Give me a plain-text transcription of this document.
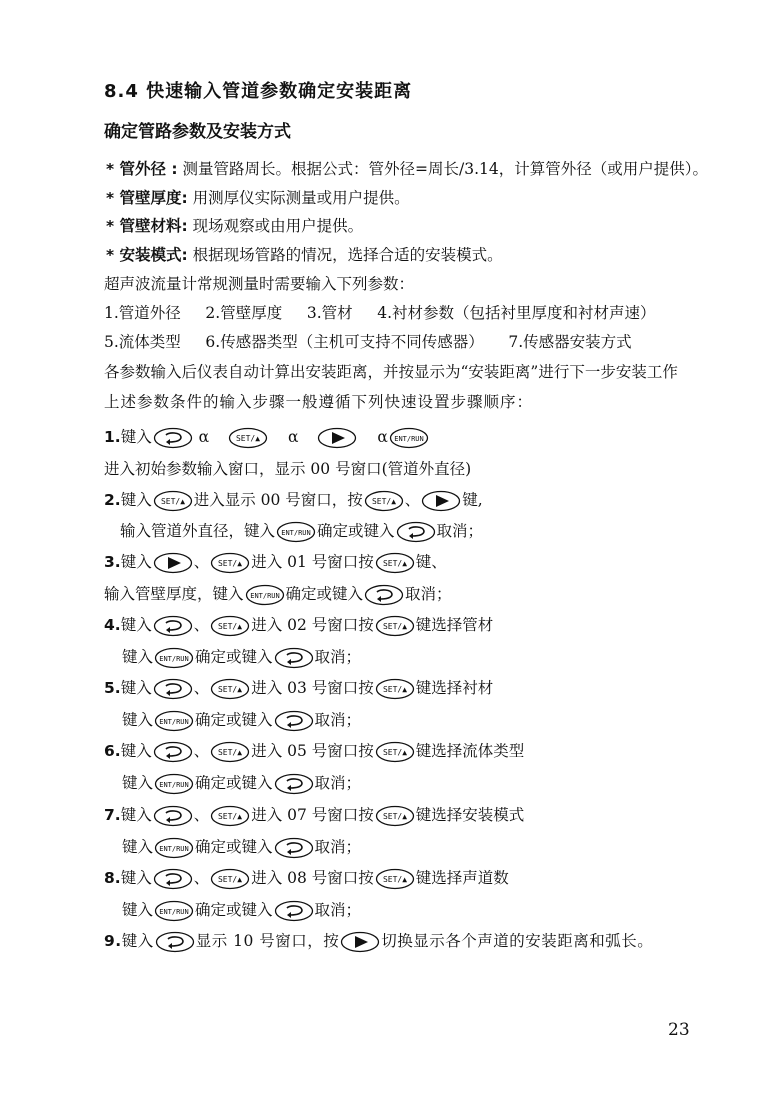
8.4 快速输入管道参数确定安装距离
确定管路参数及安装方式
* 管外径 : 测量管路周长。根据公式：管外径=周长/3.14，计算管外径（或用户提供）。
* 管壁厚度: 用测厚仪实际测量或用户提供。
* 管壁材料: 现场观察或由用户提供。
* 安装模式: 根据现场管路的情况，选择合适的安装模式。
超声波流量计常规测量时需要输入下列参数：
1.管道外径     2.管壁厚度     3.管材     4.衬材参数（包括衬里厚度和衬材声速）
5.流体类型     6.传感器类型（主机可支持不同传感器）     7.传感器安装方式
各参数输入后仪表自动计算出安装距离，并按显示为“安装距离”进行下一步安装工作
上述参数条件的输入步骤一般遵循下列快速设置步骤顺序：
1.键入	α	SET/▲ α	α ENT/RUN
进入初始参数输入窗口，显示 00 号窗口(管道外直径)
2.键入 SET/▲ 进入显示 00 号窗口，按 SET/▲ 、	键,
输入管道外直径，键入 ENT/RUN 确定或键入	取消；
3.键入	、 SET/▲ 进入 01 号窗口按 SET/▲ 键、
输入管壁厚度，键入 ENT/RUN 确定或键入	取消；
4.键入	、 SET/▲ 进入 02 号窗口按 SET/▲ 键选择管材
键入 ENT/RUN 确定或键入	取消；
5.键入	、 SET/▲ 进入 03 号窗口按 SET/▲ 键选择衬材
键入 ENT/RUN 确定或键入	取消；
6.键入	、 SET/▲ 进入 05 号窗口按 SET/▲ 键选择流体类型
键入 ENT/RUN 确定或键入	取消；
7.键入	、 SET/▲ 进入 07 号窗口按 SET/▲ 键选择安装模式
键入 ENT/RUN 确定或键入	取消；
8.键入	、 SET/▲ 进入 08 号窗口按 SET/▲ 键选择声道数
键入 ENT/RUN 确定或键入	取消；
9.键入	显示 10 号窗口，按	切换显示各个声道的安装距离和弧长。
23
